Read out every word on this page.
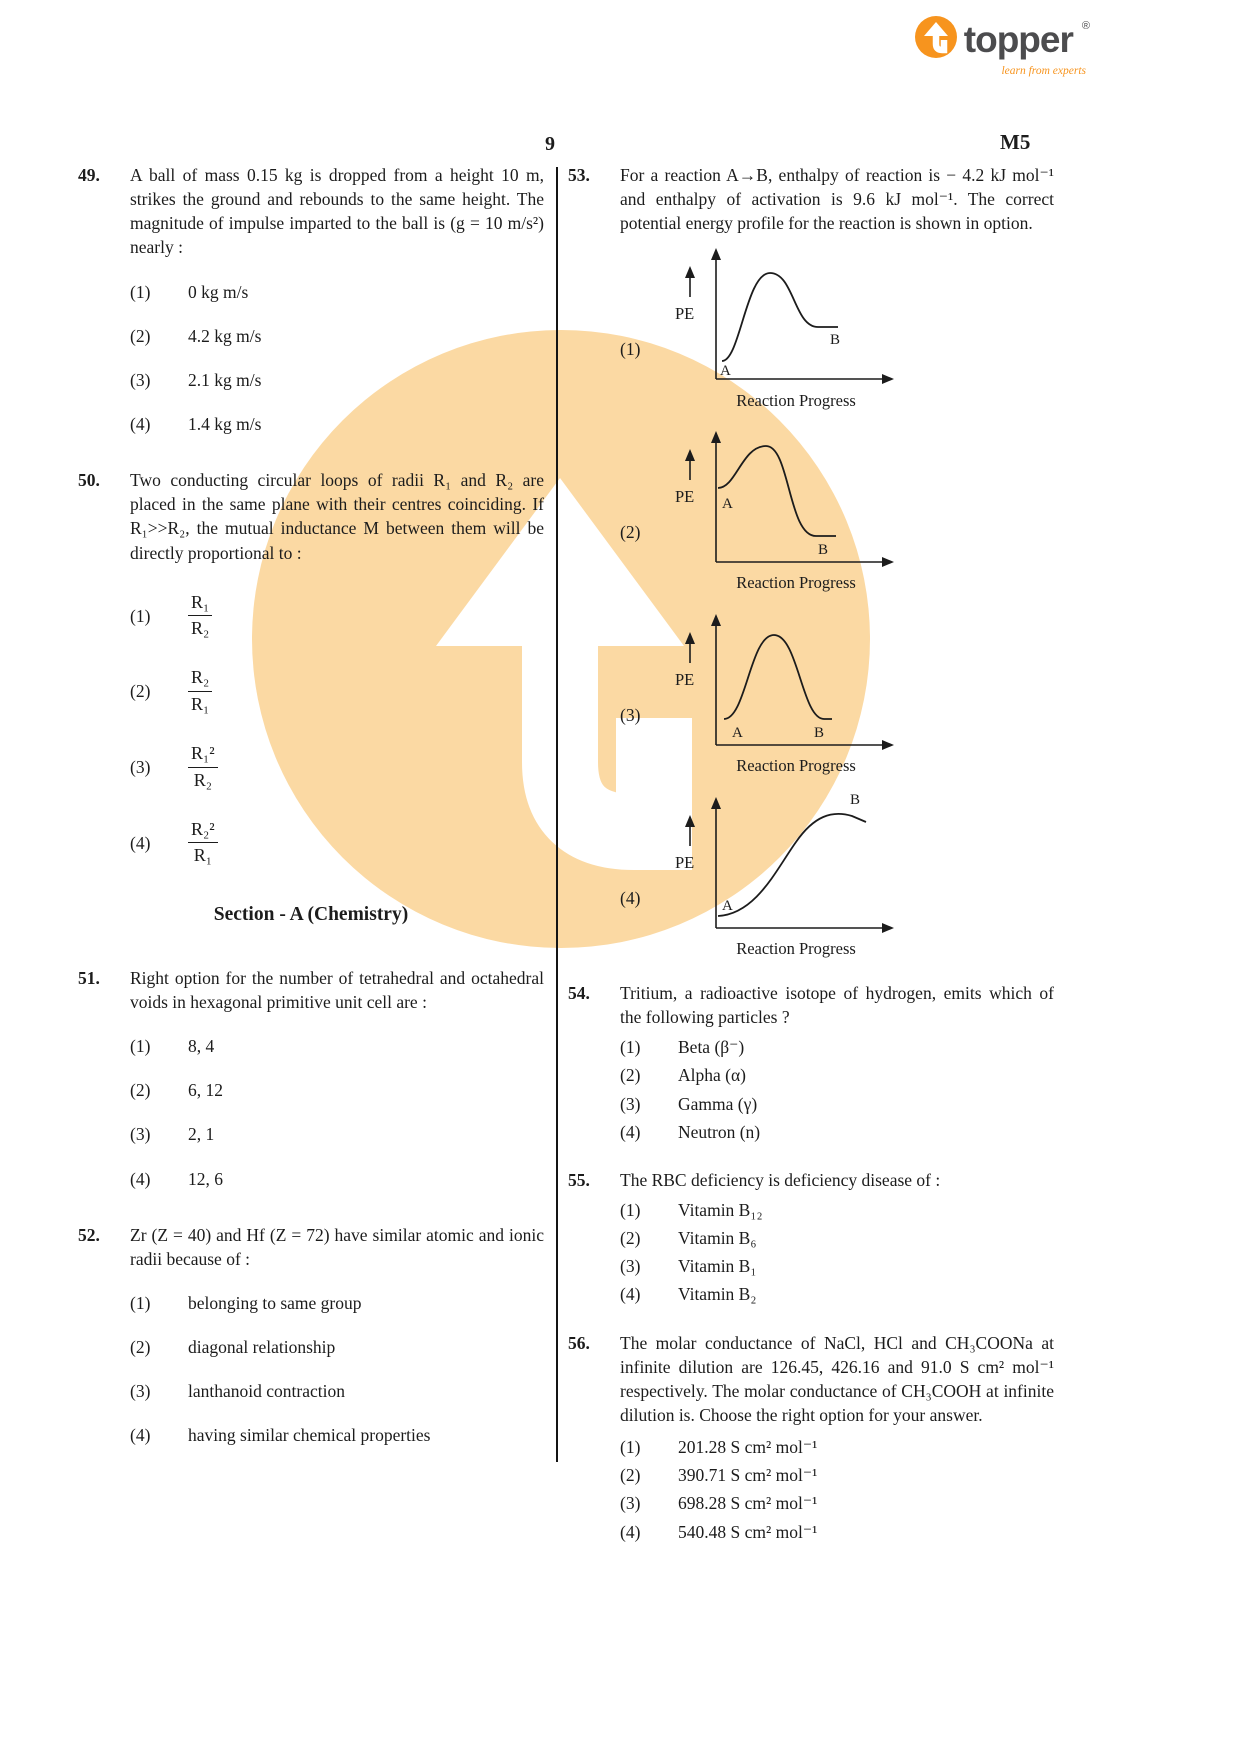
topper ®
learn from experts
9	M5
49.	A ball of mass 0.15 kg is dropped from a height 10 m, strikes the ground and rebounds to the same height. The magnitude of impulse imparted to the ball is (g = 10 m/s²) nearly :
(1)	0 kg m/s
(2)	4.2 kg m/s
(3)	2.1 kg m/s
(4)	1.4 kg m/s
50.	Two conducting circular loops of radii R₁ and R₂ are placed in the same plane with their centres coinciding. If R₁>>R₂, the mutual inductance M between them will be directly proportional to :
(1)	$\frac{\text{R₁}}{\text{R₂}}$
(2)	$\frac{\text{R₂}}{\text{R₁}}$
(3)	$\frac{\text{R₁²}}{\text{R₂}}$
(4)	$\frac{\text{R₂²}}{\text{R₁}}$
Section - A (Chemistry)
51.	Right option for the number of tetrahedral and octahedral voids in hexagonal primitive unit cell are :
(1)	8, 4
(2)	6, 12
(3)	2, 1
(4)	12, 6
52.	Zr (Z = 40) and Hf (Z = 72) have similar atomic and ionic radii because of :
(1)	belonging to same group
(2)	diagonal relationship
(3)	lanthanoid contraction
(4)	having similar chemical properties
53.	For a reaction A→B, enthalpy of reaction is − 4.2 kJ mol⁻¹ and enthalpy of activation is 9.6 kJ mol⁻¹. The correct potential energy profile for the reaction is shown in option.
(1)
PE
A
B
Reaction Progress
(2)
PE A
B
Reaction Progress
(3)
PE
A	B
Reaction Progress
(4)
PE
A
B
Reaction Progress
54.	Tritium, a radioactive isotope of hydrogen, emits which of the following particles ?
(1)	Beta (β⁻)
(2)	Alpha (α)
(3)	Gamma (γ)
(4)	Neutron (n)
55.	The RBC deficiency is deficiency disease of :
(1)	Vitamin B₁₂
(2)	Vitamin B₆
(3)	Vitamin B₁
(4)	Vitamin B₂
56.	The molar conductance of NaCl, HCl and CH₃COONa at infinite dilution are 126.45, 426.16 and 91.0 S cm² mol⁻¹ respectively. The molar conductance of CH₃COOH at infinite dilution is. Choose the right option for your answer.
(1)	201.28 S cm² mol⁻¹
(2)	390.71 S cm² mol⁻¹
(3)	698.28 S cm² mol⁻¹
(4)	540.48 S cm² mol⁻¹
